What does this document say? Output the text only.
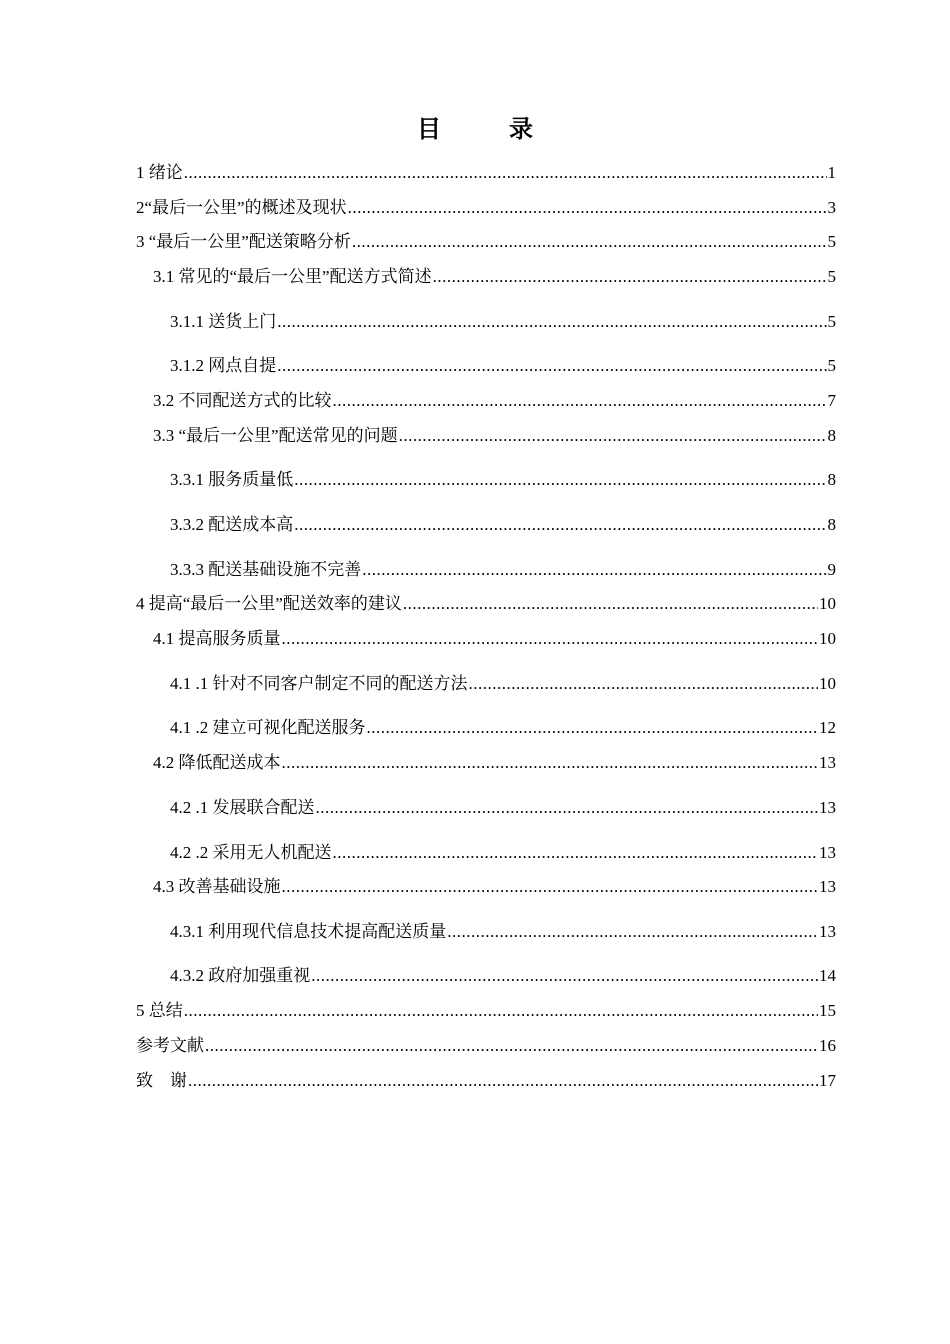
目　录
1 绪论 .....	1
2“最后一公里”的概述及现状 .....	3
3 “最后一公里”配送策略分析 .....	5
3.1 常见的“最后一公里”配送方式简述 .....	5
3.1.1 送货上门 .....	5
3.1.2 网点自提 .....	5
3.2 不同配送方式的比较 .....	7
3.3 “最后一公里”配送常见的问题 .....	8
3.3.1 服务质量低 .....	8
3.3.2 配送成本高 .....	8
3.3.3 配送基础设施不完善 .....	9
4 提高“最后一公里”配送效率的建议 .....	10
4.1 提高服务质量 .....	10
4.1 .1 针对不同客户制定不同的配送方法 .....	10
4.1 .2 建立可视化配送服务 .....	12
4.2 降低配送成本 .....	13
4.2 .1 发展联合配送 .....	13
4.2 .2 采用无人机配送 .....	13
4.3 改善基础设施 .....	13
4.3.1 利用现代信息技术提高配送质量 .....	13
4.3.2 政府加强重视 .....	14
5 总结 .....	15
参考文献 .....	16
致　谢 .....	17
